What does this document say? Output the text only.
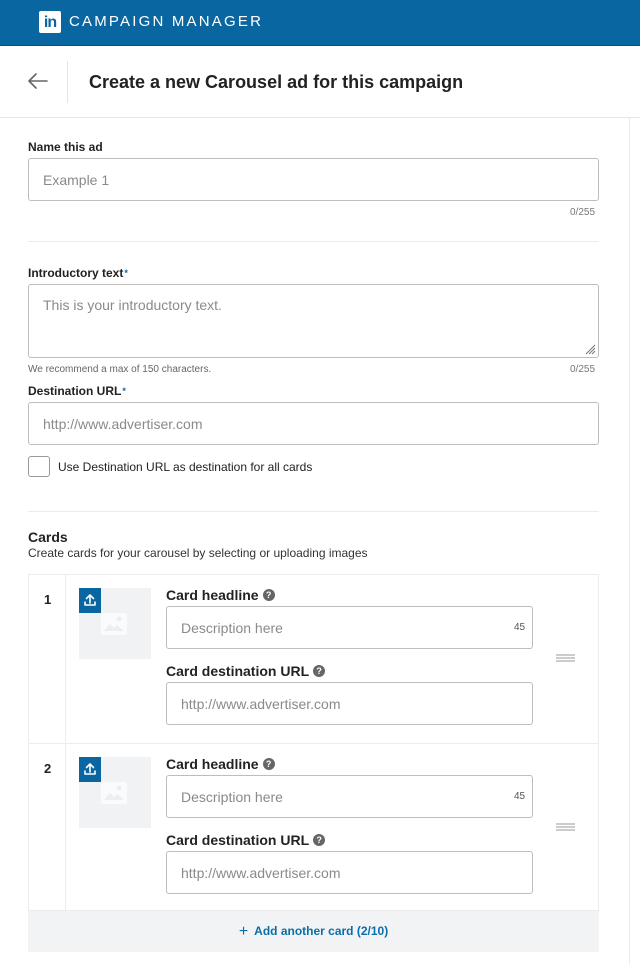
in CAMPAIGN MANAGER
Create a new Carousel ad for this campaign
Name this ad
Example 1
0/255
Introductory text*
This is your introductory text.
We recommend a max of 150 characters.	0/255
Destination URL*
http://www.advertiser.com
Use Destination URL as destination for all cards
Cards
Create cards for your carousel by selecting or uploading images
1	Card headline ?
Description here
45
Card destination URL ?
http://www.advertiser.com
2	Card headline ?
Description here
45
Card destination URL ?
http://www.advertiser.com
+ Add another card (2/10)
